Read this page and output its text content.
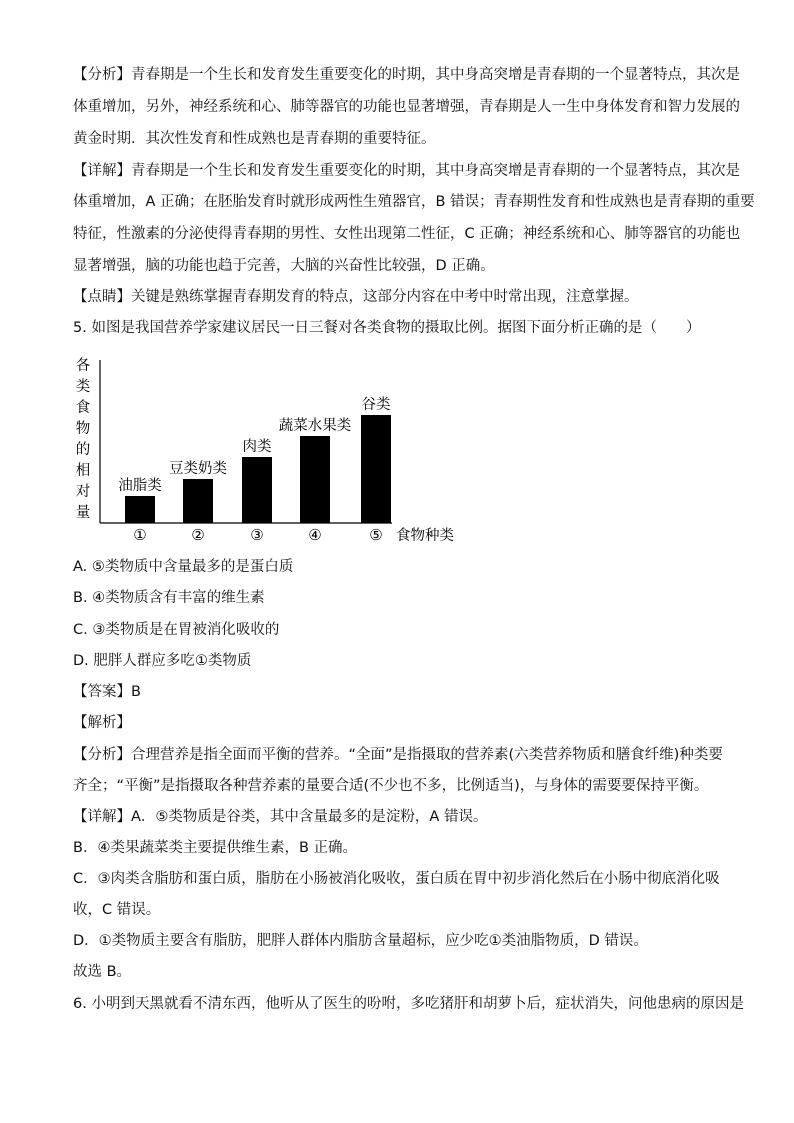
【分析】青春期是一个生长和发育发生重要变化的时期，其中身高突增是青春期的一个显著特点，其次是
体重增加，另外，神经系统和心、肺等器官的功能也显著增强，青春期是人一生中身体发育和智力发展的
黄金时期．其次性发育和性成熟也是青春期的重要特征。
【详解】青春期是一个生长和发育发生重要变化的时期，其中身高突增是青春期的一个显著特点，其次是
体重增加，A 正确；在胚胎发育时就形成两性生殖器官，B 错误；青春期性发育和性成熟也是青春期的重要
特征，性激素的分泌使得青春期的男性、女性出现第二性征，C 正确；神经系统和心、肺等器官的功能也
显著增强，脑的功能也趋于完善，大脑的兴奋性比较强，D 正确。
【点睛】关键是熟练掌握青春期发育的特点，这部分内容在中考中时常出现，注意掌握。
5. 如图是我国营养学家建议居民一日三餐对各类食物的摄取比例。据图下面分析正确的是（　　）
各类食物的相对量
油脂类
豆类奶类
肉类
蔬菜水果类
谷类
①	②	③	④	⑤ 食物种类
A. ⑤类物质中含量最多的是蛋白质
B. ④类物质含有丰富的维生素
C. ③类物质是在胃被消化吸收的
D. 肥胖人群应多吃①类物质
【答案】B
【解析】
【分析】合理营养是指全面而平衡的营养。“全面”是指摄取的营养素(六类营养物质和膳食纤维)种类要
齐全；“平衡”是指摄取各种营养素的量要合适(不少也不多，比例适当)，与身体的需要要保持平衡。
【详解】A．⑤类物质是谷类，其中含量最多的是淀粉，A 错误。
B．④类果蔬菜类主要提供维生素，B 正确。
C．③肉类含脂肪和蛋白质，脂肪在小肠被消化吸收，蛋白质在胃中初步消化然后在小肠中彻底消化吸
收，C 错误。
D．①类物质主要含有脂肪，肥胖人群体内脂肪含量超标，应少吃①类油脂物质，D 错误。
故选 B。
6. 小明到天黑就看不清东西，他听从了医生的吩咐，多吃猪肝和胡萝卜后，症状消失，问他患病的原因是
